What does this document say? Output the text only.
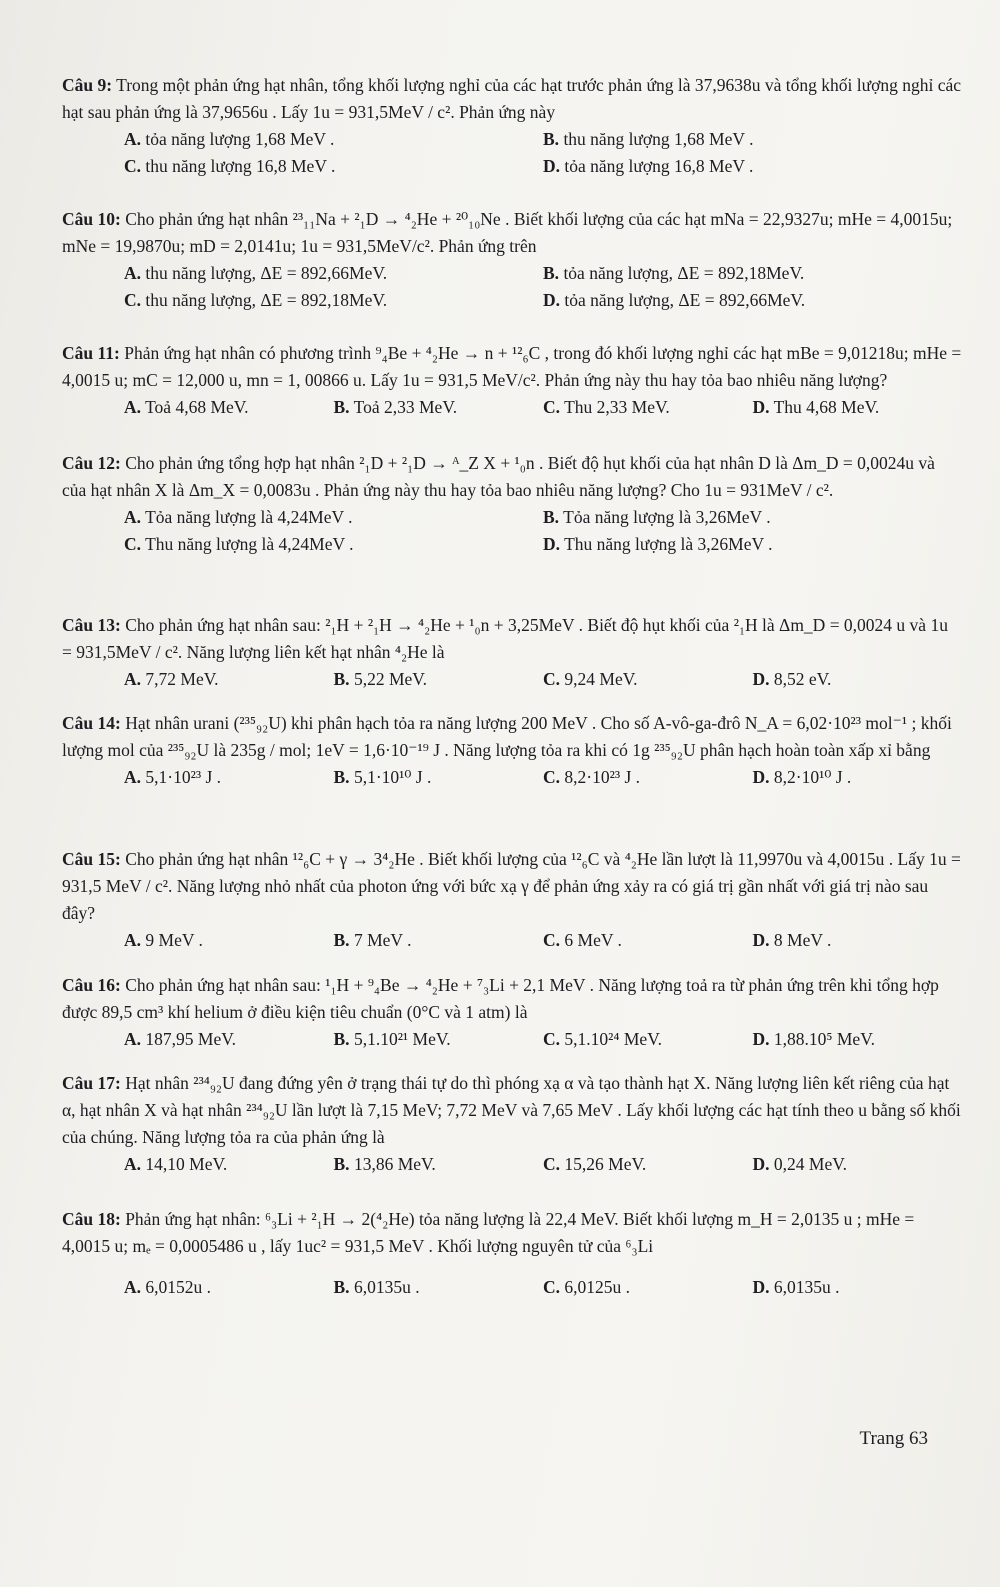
Câu 9: Trong một phản ứng hạt nhân, tổng khối lượng nghỉ của các hạt trước phản ứng là 37,9638u và tổng khối lượng nghỉ các hạt sau phản ứng là 37,9656u . Lấy 1u = 931,5MeV / c². Phản ứng này

A. tỏa năng lượng 1,68 MeV .	B. thu năng lượng 1,68 MeV .
C. thu năng lượng 16,8 MeV .	D. tỏa năng lượng 16,8 MeV .

Câu 10: Cho phản ứng hạt nhân ²³₁₁Na + ²₁D → ⁴₂He + ²⁰₁₀Ne . Biết khối lượng của các hạt mNa = 22,9327u; mHe = 4,0015u; mNe = 19,9870u; mD = 2,0141u; 1u = 931,5MeV/c². Phản ứng trên

A. thu năng lượng, ΔE = 892,66MeV.	B. tỏa năng lượng, ΔE = 892,18MeV.
C. thu năng lượng, ΔE = 892,18MeV.	D. tỏa năng lượng, ΔE = 892,66MeV.

Câu 11: Phản ứng hạt nhân có phương trình ⁹₄Be + ⁴₂He → n + ¹²₆C , trong đó khối lượng nghỉ các hạt mBe = 9,01218u; mHe = 4,0015 u; mC = 12,000 u, mn = 1, 00866 u. Lấy 1u = 931,5 MeV/c². Phản ứng này thu hay tỏa bao nhiêu năng lượng?

A. Toả 4,68 MeV.	B. Toả 2,33 MeV.	C. Thu 2,33 MeV.	D. Thu 4,68 MeV.

Câu 12: Cho phản ứng tổng hợp hạt nhân ²₁D + ²₁D → ᴬ_Z X + ¹₀n . Biết độ hụt khối của hạt nhân D là Δm_D = 0,0024u và của hạt nhân X là Δm_X = 0,0083u . Phản ứng này thu hay tỏa bao nhiêu năng lượng? Cho 1u = 931MeV / c².

A. Tỏa năng lượng là 4,24MeV .	B. Tỏa năng lượng là 3,26MeV .
C. Thu năng lượng là 4,24MeV .	D. Thu năng lượng là 3,26MeV .

Câu 13: Cho phản ứng hạt nhân sau: ²₁H + ²₁H → ⁴₂He + ¹₀n + 3,25MeV . Biết độ hụt khối của ²₁H là Δm_D = 0,0024 u và 1u = 931,5MeV / c². Năng lượng liên kết hạt nhân ⁴₂He là

A. 7,72 MeV.	B. 5,22 MeV.	C. 9,24 MeV.	D. 8,52 eV.

Câu 14: Hạt nhân urani (²³⁵₉₂U) khi phân hạch tỏa ra năng lượng 200 MeV . Cho số A-vô-ga-đrô N_A = 6,02·10²³ mol⁻¹ ; khối lượng mol của ²³⁵₉₂U là 235g / mol; 1eV = 1,6·10⁻¹⁹ J . Năng lượng tỏa ra khi có 1g ²³⁵₉₂U phân hạch hoàn toàn xấp xỉ bằng

A. 5,1·10²³ J .	B. 5,1·10¹⁰ J .	C. 8,2·10²³ J .	D. 8,2·10¹⁰ J .

Câu 15: Cho phản ứng hạt nhân ¹²₆C + γ → 3⁴₂He . Biết khối lượng của ¹²₆C và ⁴₂He lần lượt là 11,9970u và 4,0015u . Lấy 1u = 931,5 MeV / c². Năng lượng nhỏ nhất của photon ứng với bức xạ γ để phản ứng xảy ra có giá trị gần nhất với giá trị nào sau đây?

A. 9 MeV .	B. 7 MeV .	C. 6 MeV .	D. 8 MeV .

Câu 16: Cho phản ứng hạt nhân sau: ¹₁H + ⁹₄Be → ⁴₂He + ⁷₃Li + 2,1 MeV . Năng lượng toả ra từ phản ứng trên khi tổng hợp được 89,5 cm³ khí helium ở điều kiện tiêu chuẩn (0°C và 1 atm) là

A. 187,95 MeV.	B. 5,1.10²¹ MeV.	C. 5,1.10²⁴ MeV.	D. 1,88.10⁵ MeV.

Câu 17: Hạt nhân ²³⁴₉₂U đang đứng yên ở trạng thái tự do thì phóng xạ α và tạo thành hạt X. Năng lượng liên kết riêng của hạt α, hạt nhân X và hạt nhân ²³⁴₉₂U lần lượt là 7,15 MeV; 7,72 MeV và 7,65 MeV . Lấy khối lượng các hạt tính theo u bằng số khối của chúng. Năng lượng tỏa ra của phản ứng là

A. 14,10 MeV.	B. 13,86 MeV.	C. 15,26 MeV.	D. 0,24 MeV.

Câu 18: Phản ứng hạt nhân: ⁶₃Li + ²₁H → 2(⁴₂He) tỏa năng lượng là 22,4 MeV. Biết khối lượng m_H = 2,0135 u ; mHe = 4,0015 u; mₑ = 0,0005486 u , lấy 1uc² = 931,5 MeV . Khối lượng nguyên tử của ⁶₃Li

A. 6,0152u .	B. 6,0135u .	C. 6,0125u .	D. 6,0135u .
Trang 63
